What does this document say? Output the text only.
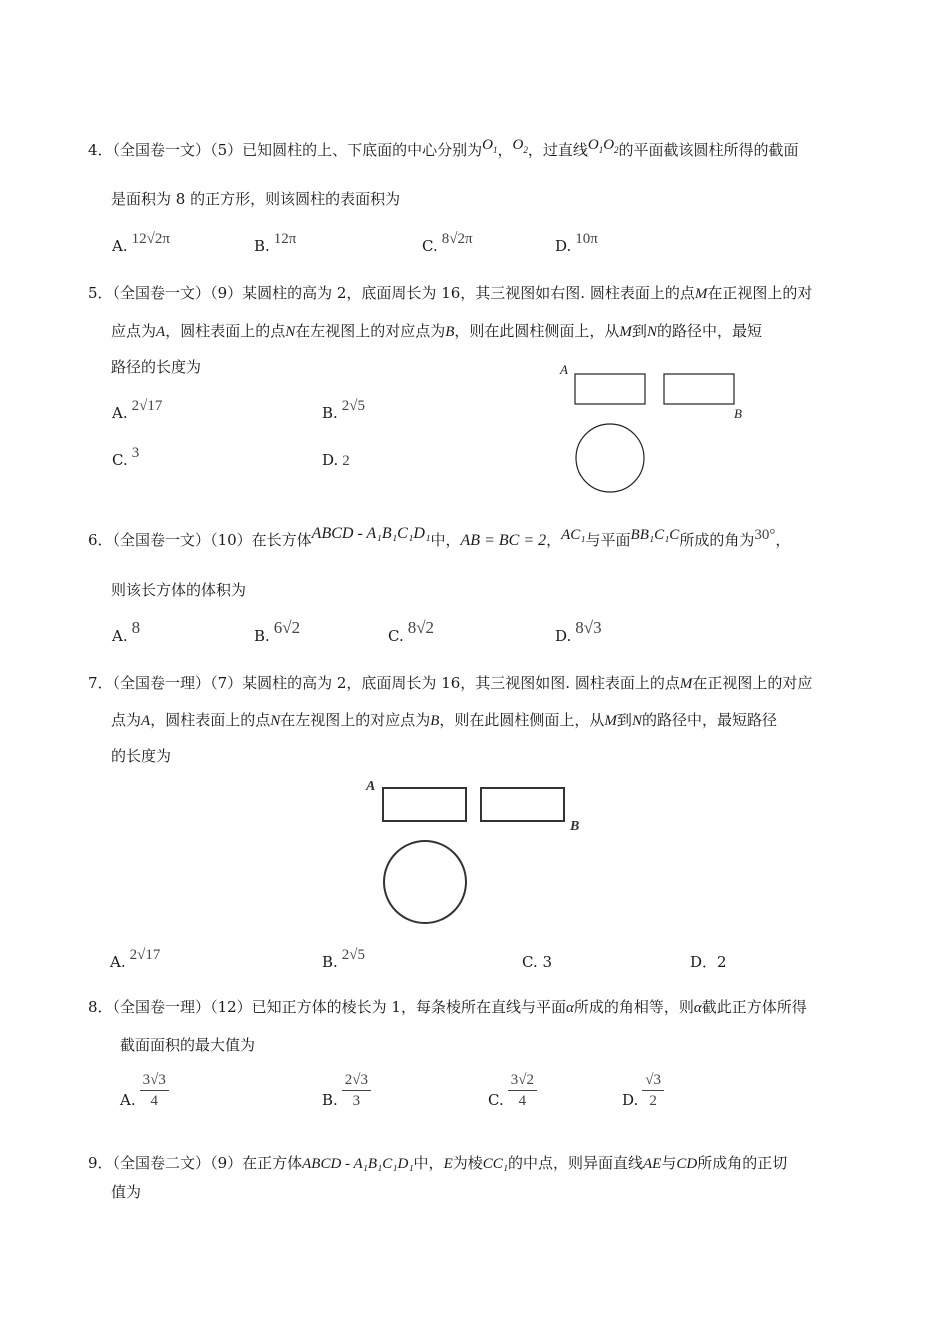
4．（全国卷一文）（5）已知圆柱的上、下底面的中心分别为$O_1$，$O_2$，过直线$O_1O_2$的平面截该圆柱所得的截面
是面积为 8 的正方形，则该圆柱的表面积为
A. 12√2π	B. 12π	C. 8√2π	D. 10π
5．（全国卷一文）（9）某圆柱的高为 2，底面周长为 16，其三视图如右图. 圆柱表面上的点M在正视图上的对
应点为A，圆柱表面上的点N在左视图上的对应点为B，则在此圆柱侧面上，从M到N的路径中，最短
路径的长度为
A. 2√17	B. 2√5
C. 3	D. 2
A
B
6．（全国卷一文）（10）在长方体ABCD - A₁B₁C₁D₁中，AB = BC = 2，AC₁与平面BB₁C₁C所成的角为30°，
则该长方体的体积为
A. 8	B. 6√2	C. 8√2	D. 8√3
7．（全国卷一理）（7）某圆柱的高为 2，底面周长为 16，其三视图如图. 圆柱表面上的点M在正视图上的对应
点为A，圆柱表面上的点N在左视图上的对应点为B，则在此圆柱侧面上，从M到N的路径中，最短路径
的长度为
A
B
A. 2√17	B. 2√5	C. 3	D．2
8．（全国卷一理）（12）已知正方体的棱长为 1，每条棱所在直线与平面α所成的角相等，则α截此正方体所得
截面面积的最大值为
A. $\frac{3√3}{4}$	B. $\frac{2√3}{3}$	C. $\frac{3√2}{4}$	D. $\frac{√3}{2}$
9．（全国卷二文）（9）在正方体ABCD - A₁B₁C₁D₁中，E为棱CC₁的中点，则异面直线AE与CD所成角的正切
值为
